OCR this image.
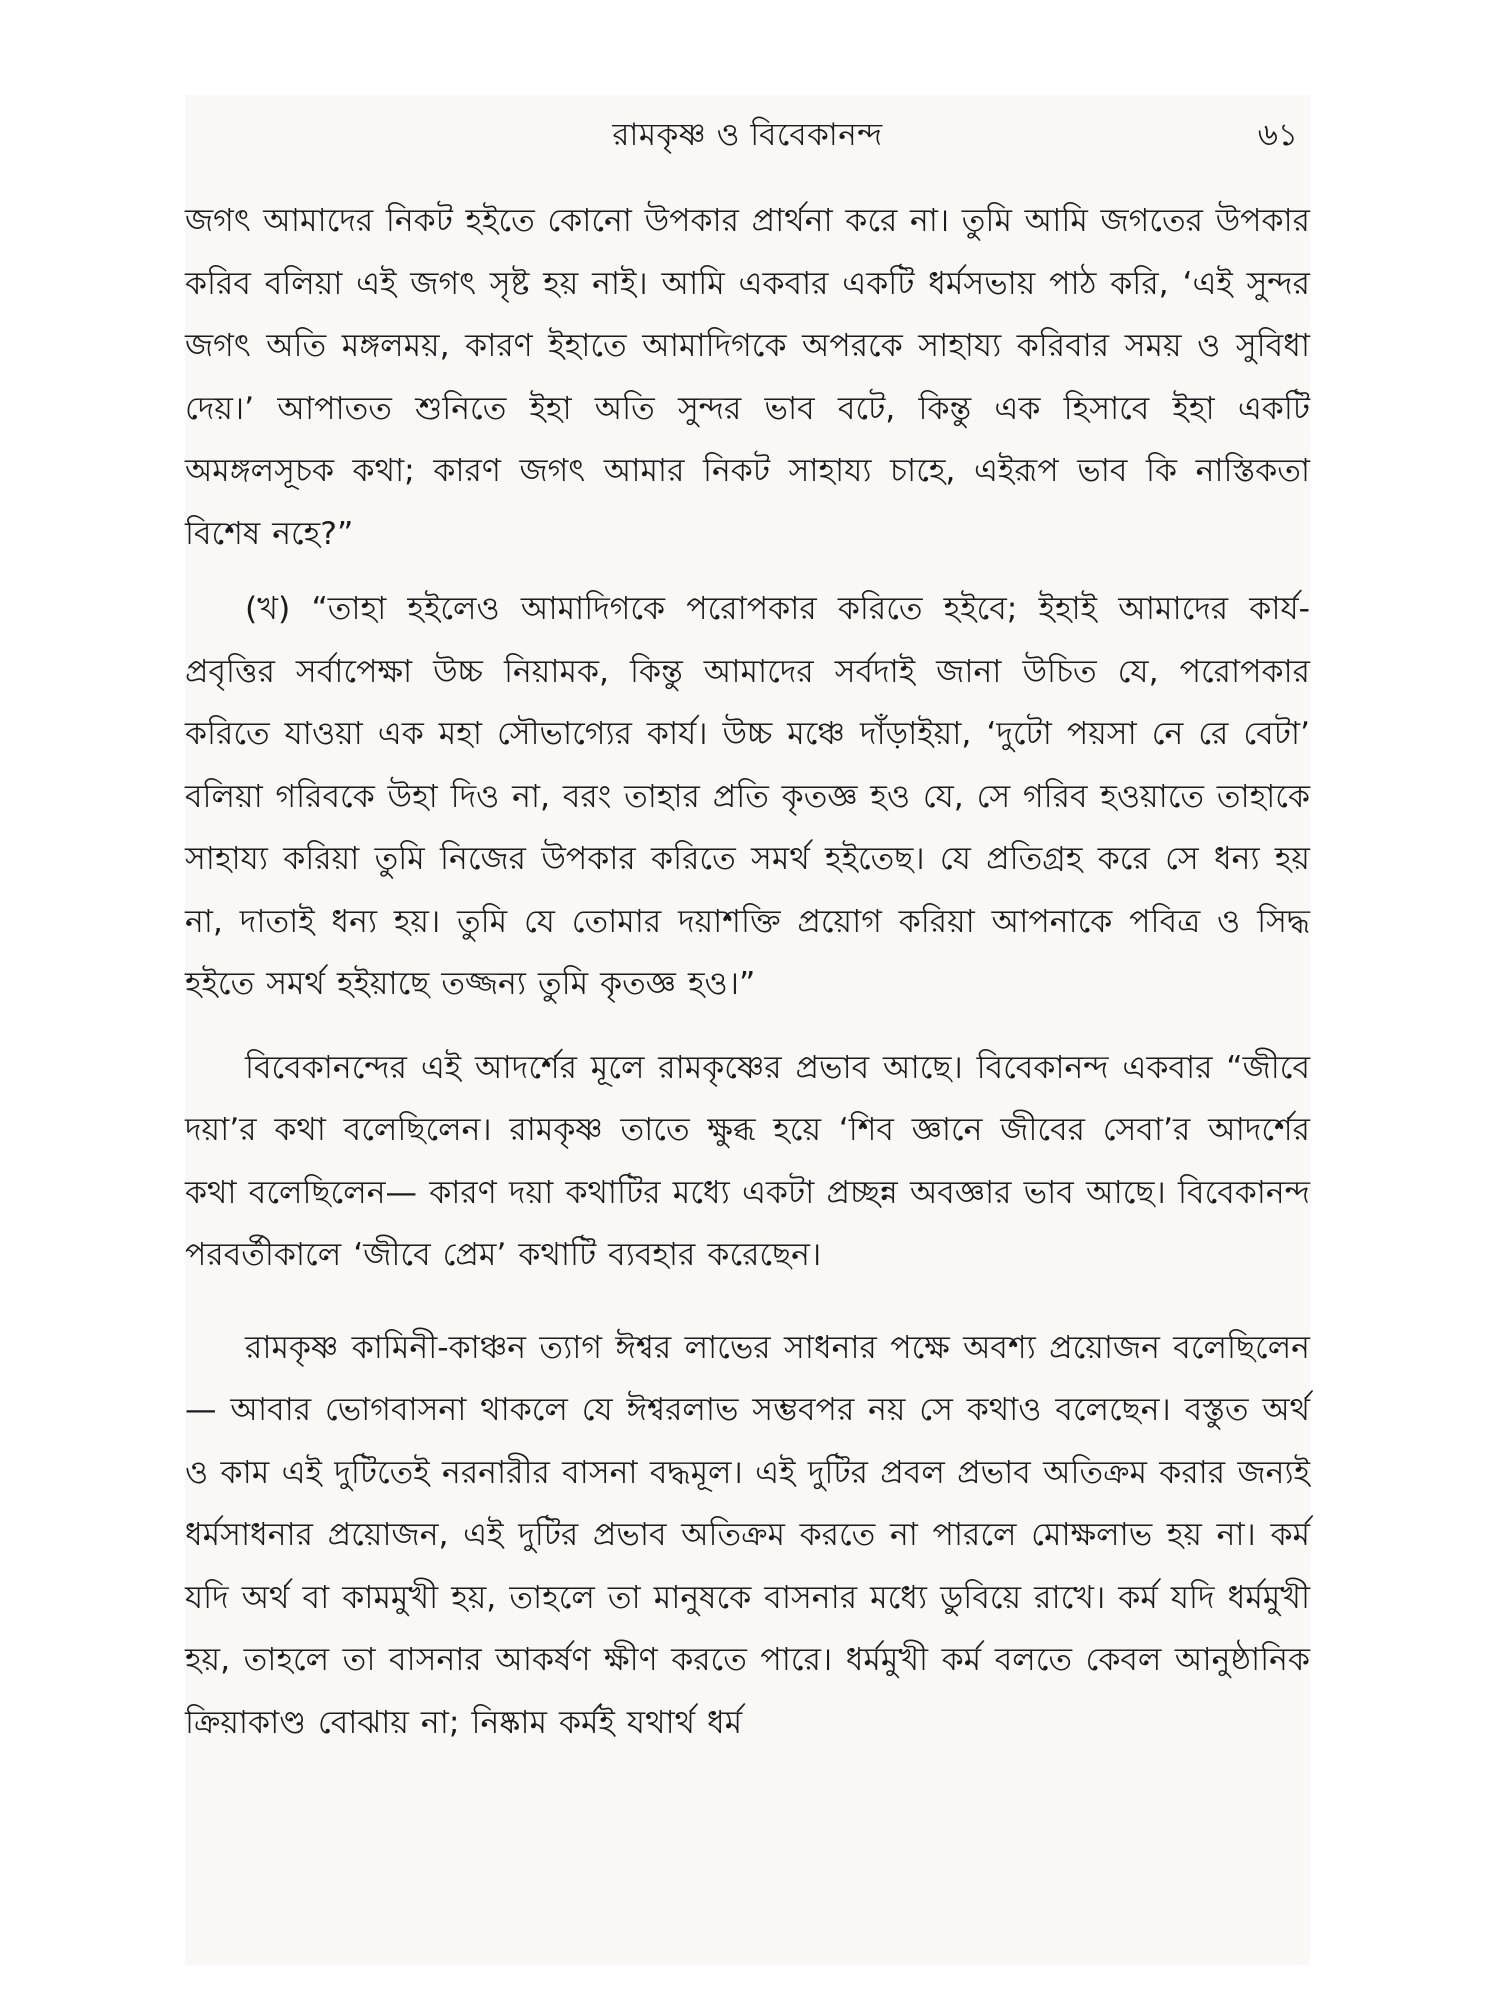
রামকৃষ্ণ ও বিবেকানন্দ	৬১

জগৎ আমাদের নিকট হইতে কোনো উপকার প্রার্থনা করে না। তুমি আমি জগতের উপকার করিব বলিয়া এই জগৎ সৃষ্ট হয় নাই। আমি একবার একটি ধর্মসভায় পাঠ করি, ‘এই সুন্দর জগৎ অতি মঙ্গলময়, কারণ ইহাতে আমাদিগকে অপরকে সাহায্য করিবার সময় ও সুবিধা দেয়।’ আপাতত শুনিতে ইহা অতি সুন্দর ভাব বটে, কিন্তু এক হিসাবে ইহা একটি অমঙ্গলসূচক কথা; কারণ জগৎ আমার নিকট সাহায্য চাহে, এইরূপ ভাব কি নাস্তিকতা বিশেষ নহে?”

(খ) “তাহা হইলেও আমাদিগকে পরোপকার করিতে হইবে; ইহাই আমাদের কার্য-প্রবৃত্তির সর্বাপেক্ষা উচ্চ নিয়ামক, কিন্তু আমাদের সর্বদাই জানা উচিত যে, পরোপকার করিতে যাওয়া এক মহা সৌভাগ্যের কার্য। উচ্চ মঞ্চে দাঁড়াইয়া, ‘দুটো পয়সা নে রে বেটা’ বলিয়া গরিবকে উহা দিও না, বরং তাহার প্রতি কৃতজ্ঞ হও যে, সে গরিব হওয়াতে তাহাকে সাহায্য করিয়া তুমি নিজের উপকার করিতে সমর্থ হইতেছ। যে প্রতিগ্রহ করে সে ধন্য হয় না, দাতাই ধন্য হয়। তুমি যে তোমার দয়াশক্তি প্রয়োগ করিয়া আপনাকে পবিত্র ও সিদ্ধ হইতে সমর্থ হইয়াছে তজ্জন্য তুমি কৃতজ্ঞ হও।”

বিবেকানন্দের এই আদর্শের মূলে রামকৃষ্ণের প্রভাব আছে। বিবেকানন্দ একবার “জীবে দয়া’র কথা বলেছিলেন। রামকৃষ্ণ তাতে ক্ষুব্ধ হয়ে ‘শিব জ্ঞানে জীবের সেবা’র আদর্শের কথা বলেছিলেন— কারণ দয়া কথাটির মধ্যে একটা প্রচ্ছন্ন অবজ্ঞার ভাব আছে। বিবেকানন্দ পরবর্তীকালে ‘জীবে প্রেম’ কথাটি ব্যবহার করেছেন।

রামকৃষ্ণ কামিনী-কাঞ্চন ত্যাগ ঈশ্বর লাভের সাধনার পক্ষে অবশ্য প্রয়োজন বলেছিলেন— আবার ভোগবাসনা থাকলে যে ঈশ্বরলাভ সম্ভবপর নয় সে কথাও বলেছেন। বস্তুত অর্থ ও কাম এই দুটিতেই নরনারীর বাসনা বদ্ধমূল। এই দুটির প্রবল প্রভাব অতিক্রম করার জন্যই ধর্মসাধনার প্রয়োজন, এই দুটির প্রভাব অতিক্রম করতে না পারলে মোক্ষলাভ হয় না। কর্ম যদি অর্থ বা কামমুখী হয়, তাহলে তা মানুষকে বাসনার মধ্যে ডুবিয়ে রাখে। কর্ম যদি ধর্মমুখী হয়, তাহলে তা বাসনার আকর্ষণ ক্ষীণ করতে পারে। ধর্মমুখী কর্ম বলতে কেবল আনুষ্ঠানিক ক্রিয়াকাণ্ড বোঝায় না; নিষ্কাম কর্মই যথার্থ ধর্ম
